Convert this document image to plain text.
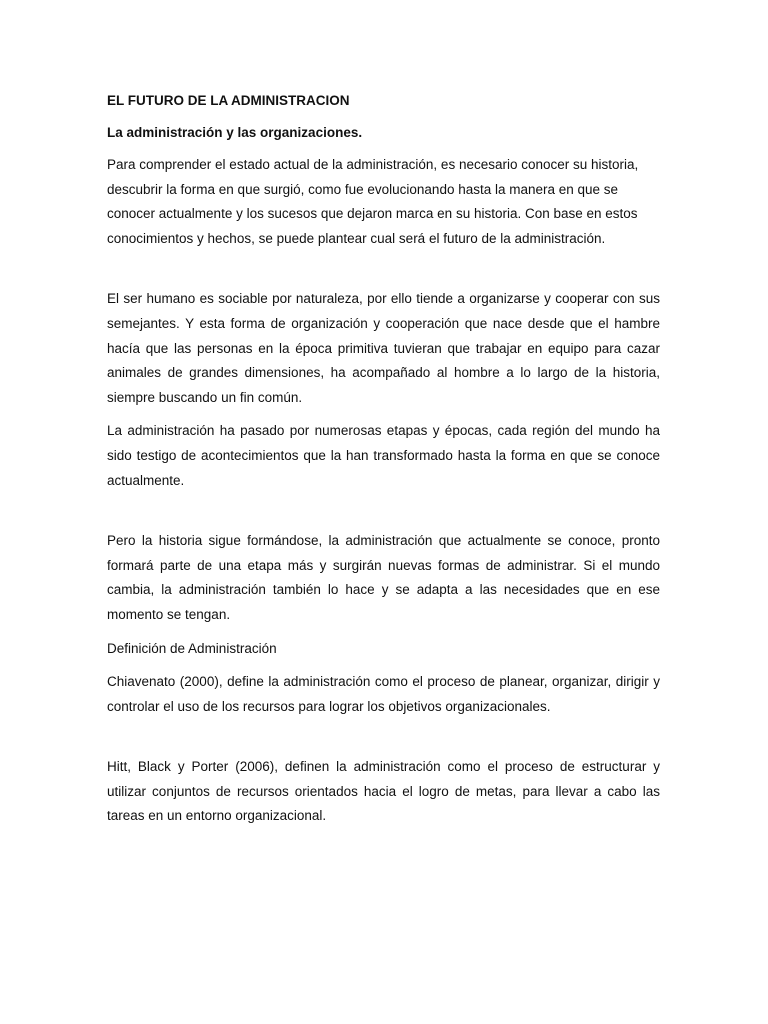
EL FUTURO DE LA ADMINISTRACION
La administración y las organizaciones.

Para comprender el estado actual de la administración, es necesario conocer su historia, descubrir la forma en que surgió, como fue evolucionando hasta la manera en que se conocer actualmente y los sucesos que dejaron marca en su historia. Con base en estos conocimientos y hechos, se puede plantear cual será el futuro de la administración.

El ser humano es sociable por naturaleza, por ello tiende a organizarse y cooperar con sus semejantes. Y esta forma de organización y cooperación que nace desde que el hambre hacía que las personas en la época primitiva tuvieran que trabajar en equipo para cazar animales de grandes dimensiones, ha acompañado al hombre a lo largo de la historia, siempre buscando un fin común.

La administración ha pasado por numerosas etapas y épocas, cada región del mundo ha sido testigo de acontecimientos que la han transformado hasta la forma en que se conoce actualmente.

Pero la historia sigue formándose, la administración que actualmente se conoce, pronto formará parte de una etapa más y surgirán nuevas formas de administrar. Si el mundo cambia, la administración también lo hace y se adapta a las necesidades que en ese momento se tengan.

Definición de Administración

Chiavenato (2000), define la administración como el proceso de planear, organizar, dirigir y controlar el uso de los recursos para lograr los objetivos organizacionales.

Hitt, Black y Porter (2006), definen la administración como el proceso de estructurar y utilizar conjuntos de recursos orientados hacia el logro de metas, para llevar a cabo las tareas en un entorno organizacional.
